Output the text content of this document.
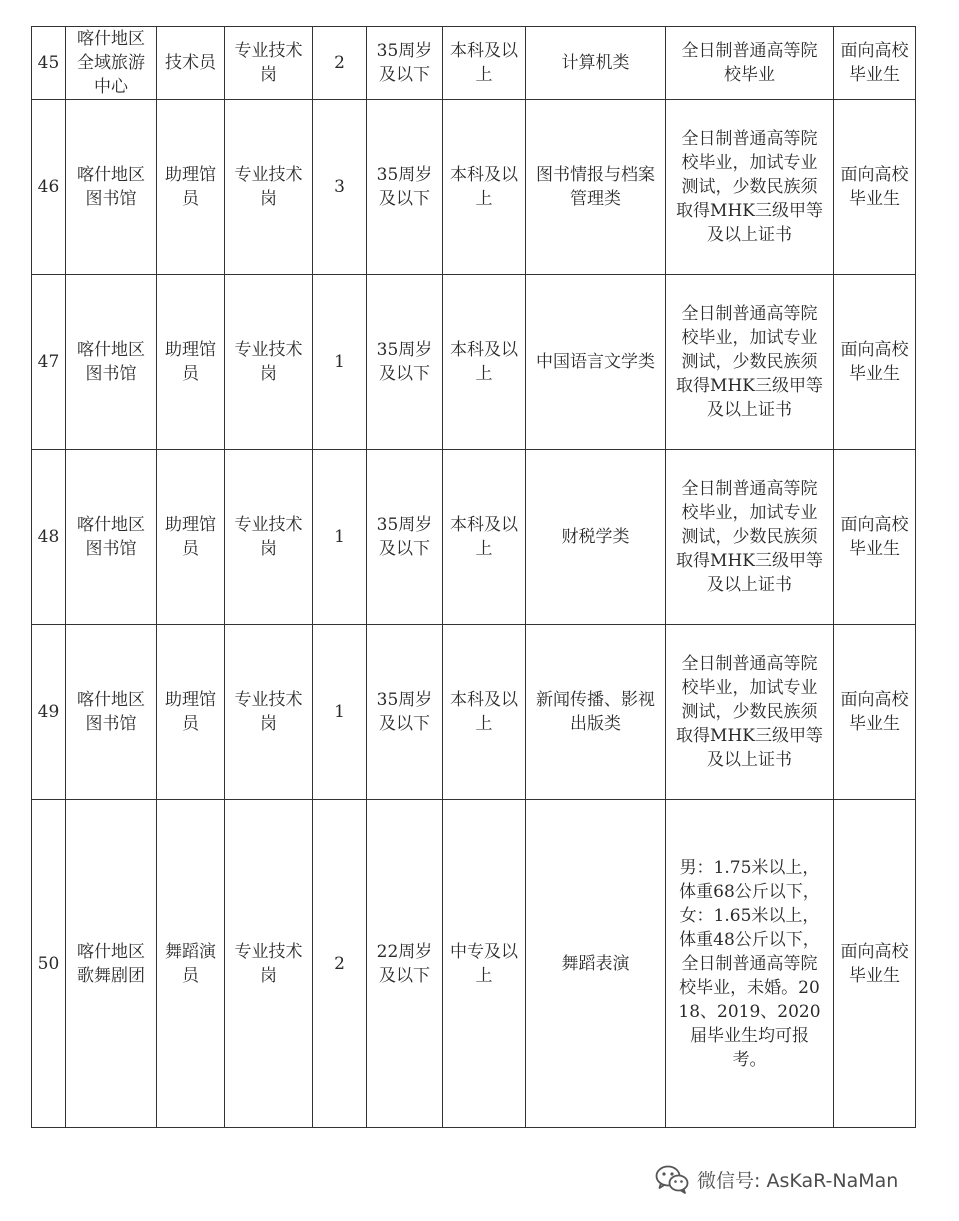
45	喀什地区全域旅游中心	技术员	专业技术岗	2	35周岁及以下	本科及以上	计算机类	全日制普通高等院校毕业	面向高校毕业生
46	喀什地区图书馆	助理馆员	专业技术岗	3	35周岁及以下	本科及以上	图书情报与档案管理类	全日制普通高等院校毕业，加试专业测试，少数民族须取得MHK三级甲等及以上证书	面向高校毕业生
47	喀什地区图书馆	助理馆员	专业技术岗	1	35周岁及以下	本科及以上	中国语言文学类	全日制普通高等院校毕业，加试专业测试，少数民族须取得MHK三级甲等及以上证书	面向高校毕业生
48	喀什地区图书馆	助理馆员	专业技术岗	1	35周岁及以下	本科及以上	财税学类	全日制普通高等院校毕业，加试专业测试，少数民族须取得MHK三级甲等及以上证书	面向高校毕业生
49	喀什地区图书馆	助理馆员	专业技术岗	1	35周岁及以下	本科及以上	新闻传播、影视出版类	全日制普通高等院校毕业，加试专业测试，少数民族须取得MHK三级甲等及以上证书	面向高校毕业生
50	喀什地区歌舞剧团	舞蹈演员	专业技术岗	2	22周岁及以下	中专及以上	舞蹈表演	男：1.75米以上，体重68公斤以下，女：1.65米以上，体重48公斤以下，全日制普通高等院校毕业，未婚。2018、2019、2020届毕业生均可报考。	面向高校毕业生
微信号: AsKaR-NaMan
